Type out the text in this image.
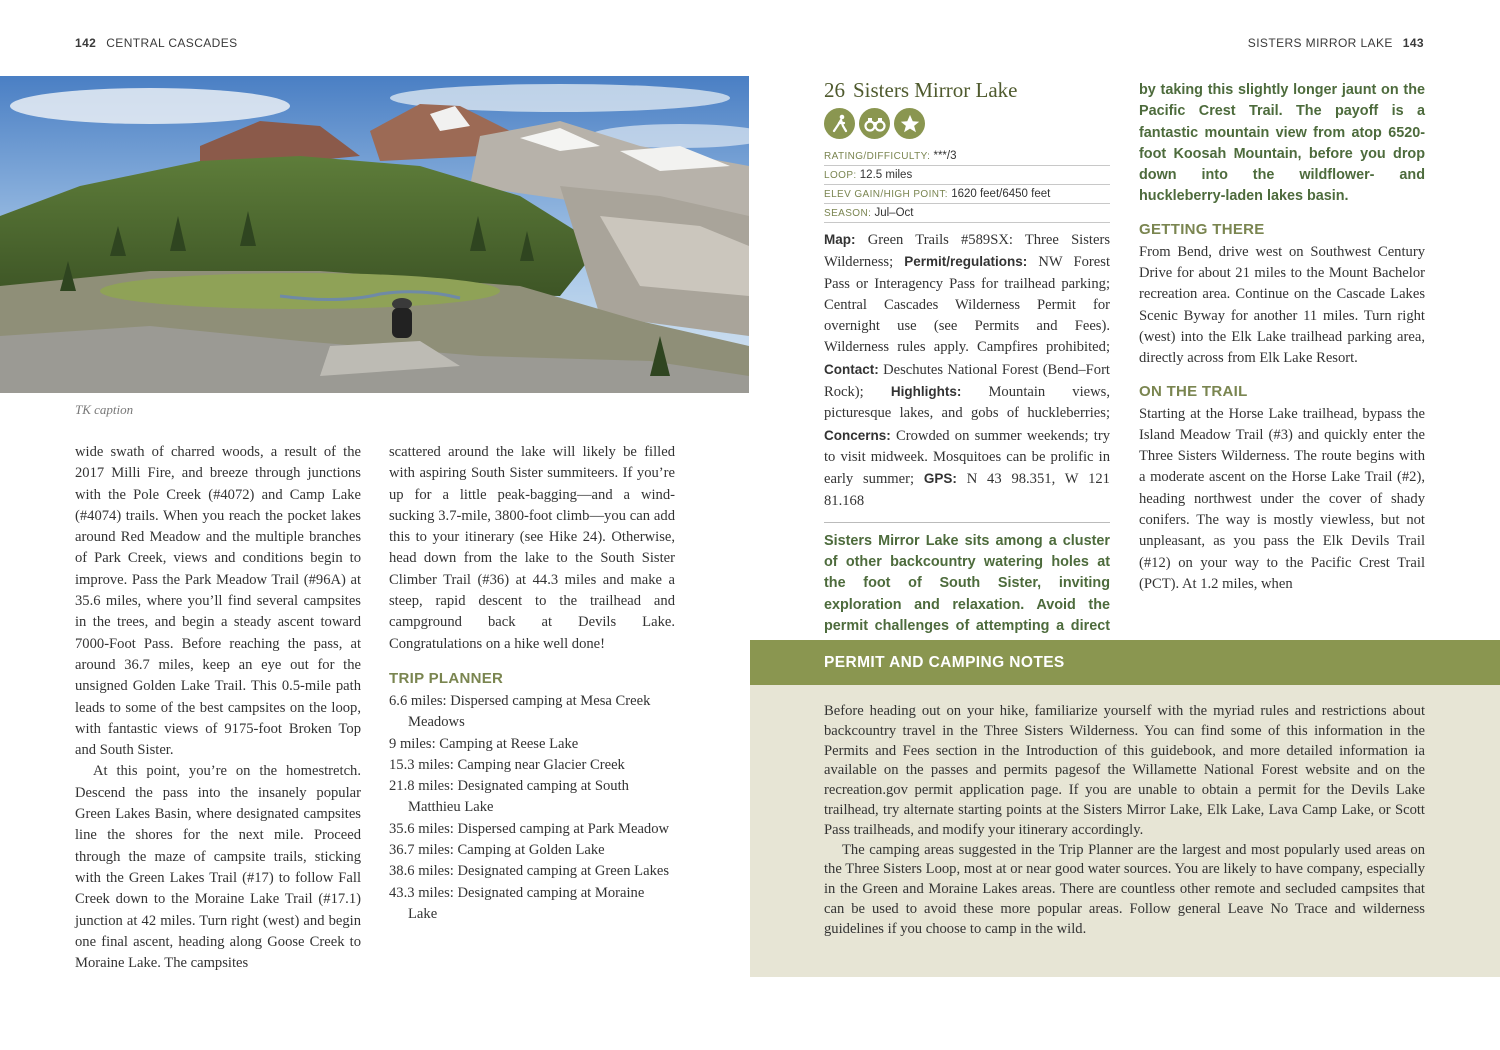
142 CENTRAL CASCADES	SISTERS MIRROR LAKE 143
TK caption

wide swath of charred woods, a result of the 2017 Milli Fire, and breeze through junctions with the Pole Creek (#4072) and Camp Lake (#4074) trails. When you reach the pocket lakes around Red Meadow and the multiple branches of Park Creek, views and conditions begin to improve. Pass the Park Meadow Trail (#96A) at 35.6 miles, where you’ll find several campsites in the trees, and begin a steady ascent toward 7000-Foot Pass. Before reaching the pass, at around 36.7 miles, keep an eye out for the unsigned Golden Lake Trail. This 0.5-mile path leads to some of the best campsites on the loop, with fantastic views of 9175-foot Broken Top and South Sister.

At this point, you’re on the homestretch. Descend the pass into the insanely popular Green Lakes Basin, where designated campsites line the shores for the next mile. Proceed through the maze of campsite trails, sticking with the Green Lakes Trail (#17) to follow Fall Creek down to the Moraine Lake Trail (#17.1) junction at 42 miles. Turn right (west) and begin one final ascent, heading along Goose Creek to Moraine Lake. The campsites

scattered around the lake will likely be filled with aspiring South Sister summiteers. If you’re up for a little peak-bagging—and a wind-sucking 3.7-mile, 3800-foot climb—you can add this to your itinerary (see Hike 24). Otherwise, head down from the lake to the South Sister Climber Trail (#36) at 44.3 miles and make a steep, rapid descent to the trailhead and campground back at Devils Lake. Congratulations on a hike well done!

TRIP PLANNER
6.6 miles: Dispersed camping at Mesa Creek Meadows
9 miles: Camping at Reese Lake
15.3 miles: Camping near Glacier Creek
21.8 miles: Designated camping at South Matthieu Lake
35.6 miles: Dispersed camping at Park Meadow
36.7 miles: Camping at Golden Lake
38.6 miles: Designated camping at Green Lakes
43.3 miles: Designated camping at Moraine Lake
26 Sisters Mirror Lake
RATING/DIFFICULTY: ***/3
LOOP: 12.5 miles
ELEV GAIN/HIGH POINT: 1620 feet/6450 feet
SEASON: Jul–Oct

Map: Green Trails #589SX: Three Sisters Wilderness; Permit/regulations: NW Forest Pass or Interagency Pass for trailhead parking; Central Cascades Wilderness Permit for overnight use (see Permits and Fees). Wilderness rules apply. Campfires prohibited; Contact: Deschutes National Forest (Bend–Fort Rock); Highlights: Mountain views, picturesque lakes, and gobs of huckleberries; Concerns: Crowded on summer weekends; try to visit midweek. Mosquitoes can be prolific in early summer; GPS: N 43 98.351, W 121 81.168

Sisters Mirror Lake sits among a cluster of other backcountry watering holes at the foot of South Sister, inviting exploration and relaxation. Avoid the permit challenges of attempting a direct

by taking this slightly longer jaunt on the Pacific Crest Trail. The payoff is a fantastic mountain view from atop 6520-foot Koosah Mountain, before you drop down into the wildflower- and huckleberry-laden lakes basin.

GETTING THERE

From Bend, drive west on Southwest Century Drive for about 21 miles to the Mount Bachelor recreation area. Continue on the Cascade Lakes Scenic Byway for another 11 miles. Turn right (west) into the Elk Lake trailhead parking area, directly across from Elk Lake Resort.

ON THE TRAIL

Starting at the Horse Lake trailhead, bypass the Island Meadow Trail (#3) and quickly enter the Three Sisters Wilderness. The route begins with a moderate ascent on the Horse Lake Trail (#2), heading northwest under the cover of shady conifers. The way is mostly viewless, but not unpleasant, as you pass the Elk Devils Trail (#12) on your way to the Pacific Crest Trail (PCT). At 1.2 miles, when

PERMIT AND CAMPING NOTES

Before heading out on your hike, familiarize yourself with the myriad rules and restrictions about backcountry travel in the Three Sisters Wilderness. You can find some of this information in the Permits and Fees section in the Introduction of this guidebook, and more detailed information ia available on the passes and permits pagesof the Willamette National Forest website and on the recreation.gov permit application page. If you are unable to obtain a permit for the Devils Lake trailhead, try alternate starting points at the Sisters Mirror Lake, Elk Lake, Lava Camp Lake, or Scott Pass trailheads, and modify your itinerary accordingly.

The camping areas suggested in the Trip Planner are the largest and most popularly used areas on the Three Sisters Loop, most at or near good water sources. You are likely to have company, especially in the Green and Moraine Lakes areas. There are countless other remote and secluded campsites that can be used to avoid these more popular areas. Follow general Leave No Trace and wilderness guidelines if you choose to camp in the wild.
